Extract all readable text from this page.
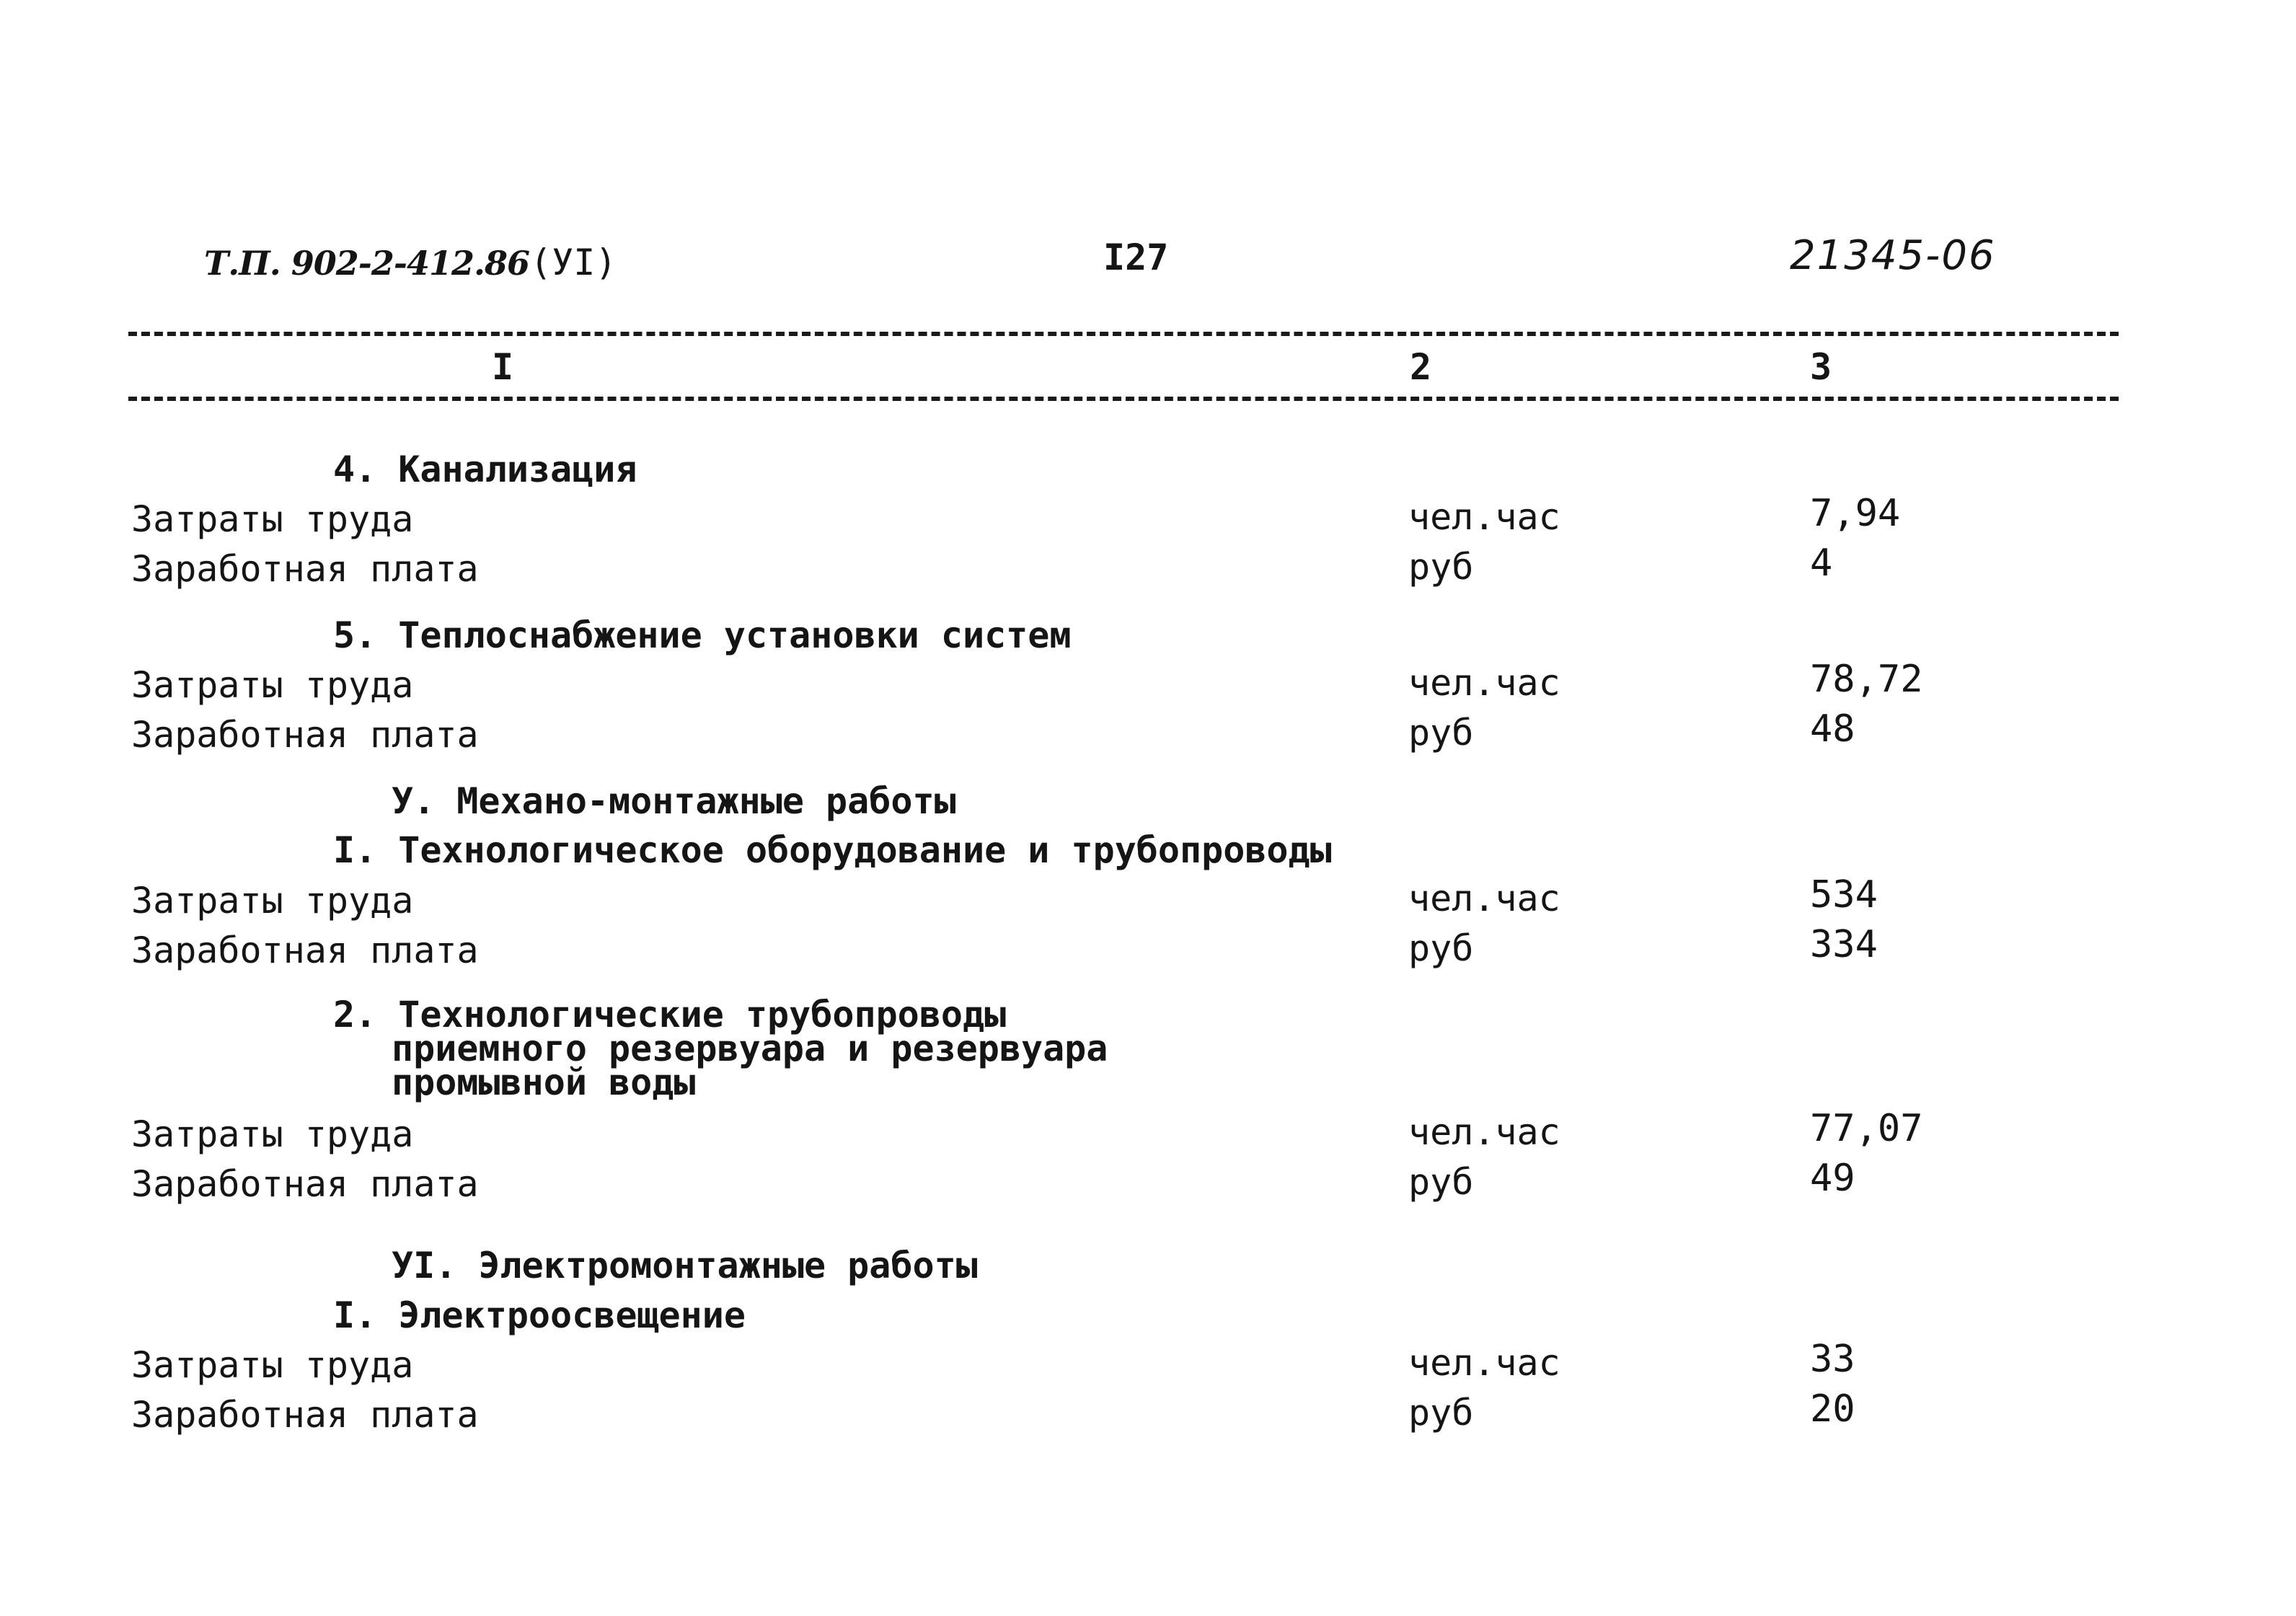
Т.П. 902-2-412.86 (УI)	I27	21345-06
I	2	3
4. Канализация
Затраты труда	чел.час	7,94
Заработная плата	руб	4
5. Теплоснабжение установки систем
Затраты труда	чел.час	78,72
Заработная плата	руб	48
У. Механо-монтажные работы
I. Технологическое оборудование и трубопроводы
Затраты труда	чел.час	534
Заработная плата	руб	334
2. Технологические трубопроводы
приемного резервуара и резервуара
промывной воды
Затраты труда	чел.час	77,07
Заработная плата	руб	49
УI. Электромонтажные работы
I. Электроосвещение
Затраты труда	чел.час	33
Заработная плата	руб	20
